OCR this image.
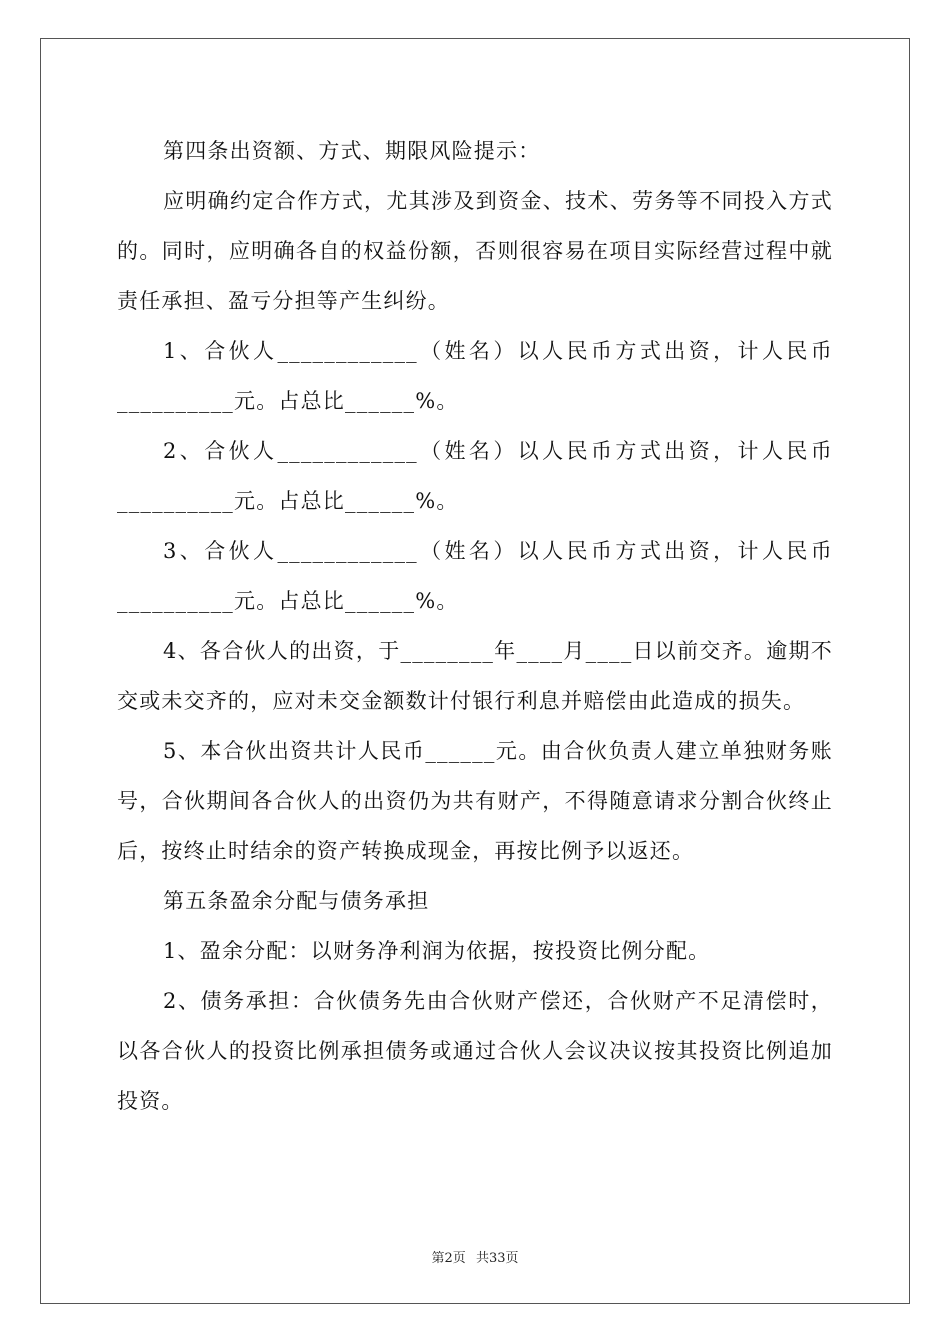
第四条出资额、方式、期限风险提示：

应明确约定合作方式，尤其涉及到资金、技术、劳务等不同投入方式的。同时，应明确各自的权益份额，否则很容易在项目实际经营过程中就责任承担、盈亏分担等产生纠纷。

1、合伙人____________（姓名）以人民币方式出资，计人民币__________元。占总比______%。

2、合伙人____________（姓名）以人民币方式出资，计人民币__________元。占总比______%。

3、合伙人____________（姓名）以人民币方式出资，计人民币__________元。占总比______%。

4、各合伙人的出资，于________年____月____日以前交齐。逾期不交或未交齐的，应对未交金额数计付银行利息并赔偿由此造成的损失。

5、本合伙出资共计人民币______元。由合伙负责人建立单独财务账号，合伙期间各合伙人的出资仍为共有财产，不得随意请求分割合伙终止后，按终止时结余的资产转换成现金，再按比例予以返还。

第五条盈余分配与债务承担

1、盈余分配：以财务净利润为依据，按投资比例分配。

2、债务承担：合伙债务先由合伙财产偿还，合伙财产不足清偿时，以各合伙人的投资比例承担债务或通过合伙人会议决议按其投资比例追加投资。

第2页 共33页
